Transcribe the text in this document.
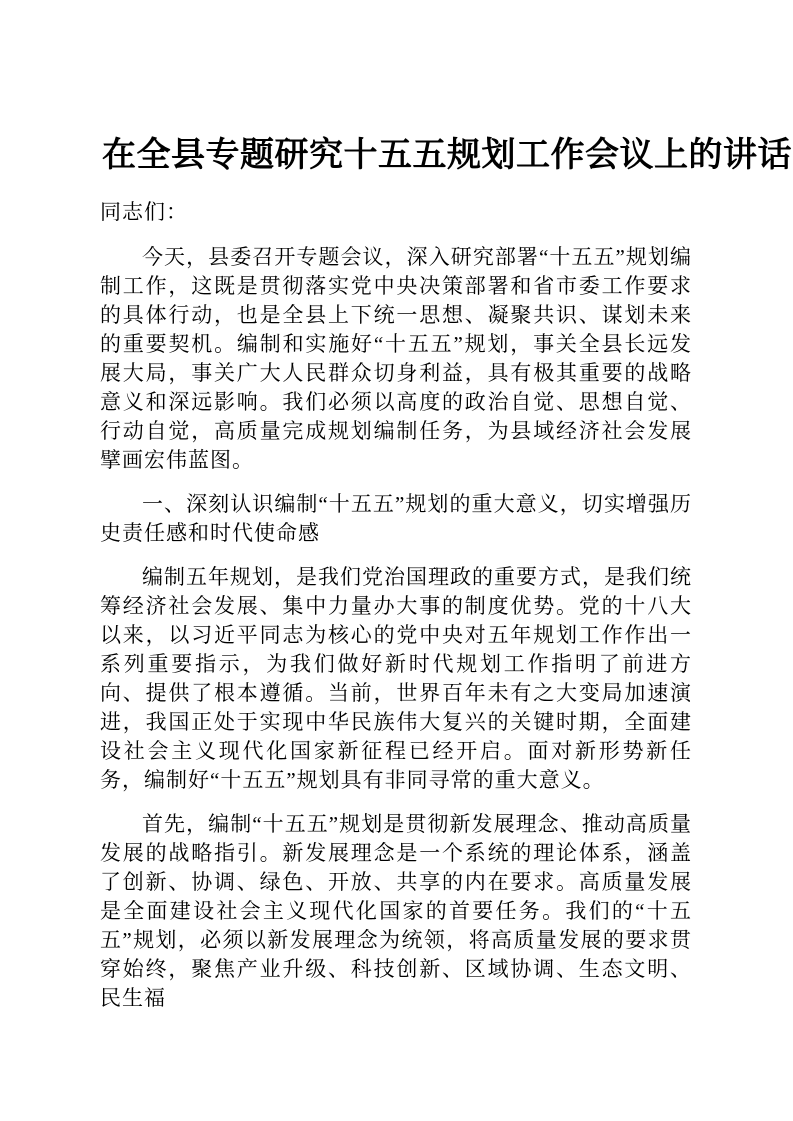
在全县专题研究十五五规划工作会议上的讲话

同志们：

今天，县委召开专题会议，深入研究部署“十五五”规划编制工作，这既是贯彻落实党中央决策部署和省市委工作要求的具体行动，也是全县上下统一思想、凝聚共识、谋划未来的重要契机。编制和实施好“十五五”规划，事关全县长远发展大局，事关广大人民群众切身利益，具有极其重要的战略意义和深远影响。我们必须以高度的政治自觉、思想自觉、行动自觉，高质量完成规划编制任务，为县域经济社会发展擘画宏伟蓝图。

一、深刻认识编制“十五五”规划的重大意义，切实增强历史责任感和时代使命感

编制五年规划，是我们党治国理政的重要方式，是我们统筹经济社会发展、集中力量办大事的制度优势。党的十八大以来，以习近平同志为核心的党中央对五年规划工作作出一系列重要指示，为我们做好新时代规划工作指明了前进方向、提供了根本遵循。当前，世界百年未有之大变局加速演进，我国正处于实现中华民族伟大复兴的关键时期，全面建设社会主义现代化国家新征程已经开启。面对新形势新任务，编制好“十五五”规划具有非同寻常的重大意义。

首先，编制“十五五”规划是贯彻新发展理念、推动高质量发展的战略指引。新发展理念是一个系统的理论体系，涵盖了创新、协调、绿色、开放、共享的内在要求。高质量发展是全面建设社会主义现代化国家的首要任务。我们的“十五五”规划，必须以新发展理念为统领，将高质量发展的要求贯穿始终，聚焦产业升级、科技创新、区域协调、生态文明、民生福
